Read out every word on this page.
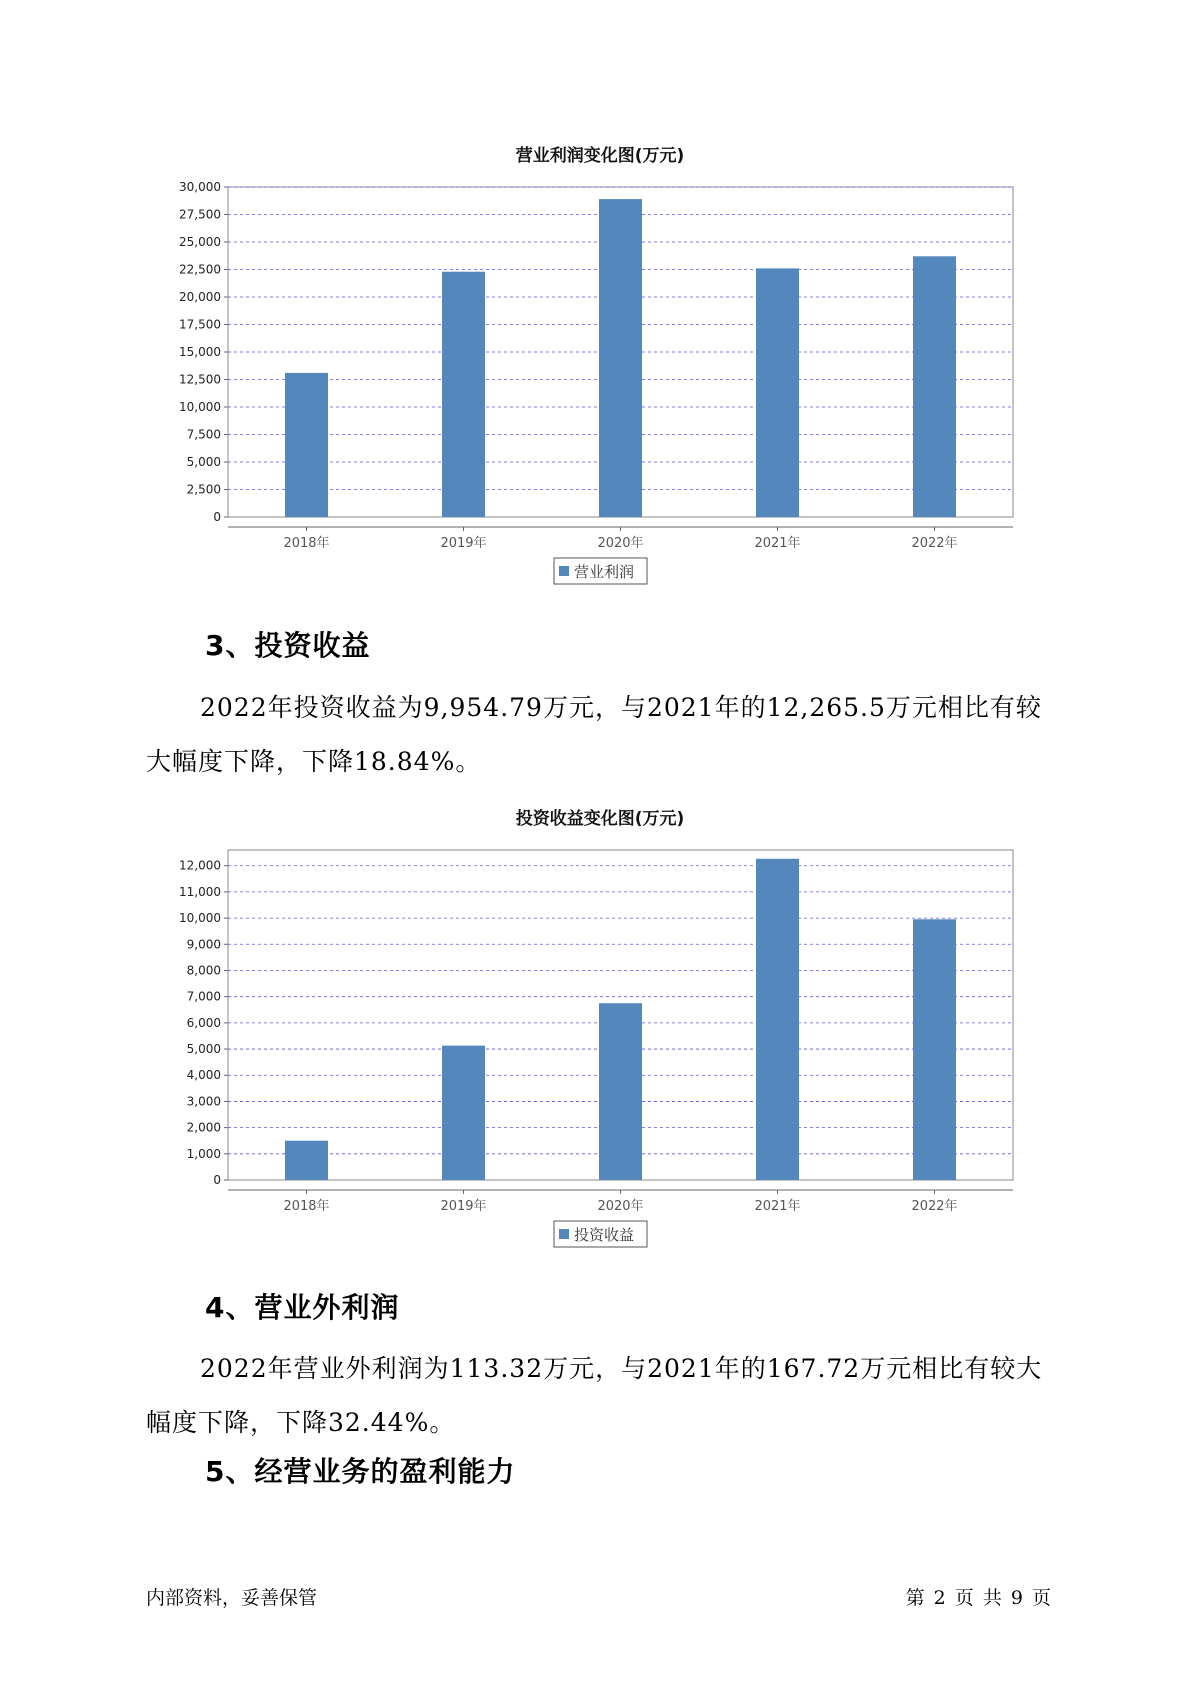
营业利润变化图(万元)
0
2,500
5,000
7,500
10,000
12,500
15,000
17,500
20,000
22,500
25,000
27,500
30,000
2018年	2019年	2020年	2021年	2022年
营业利润
3、投资收益

2022年投资收益为9,954.79万元，与2021年的12,265.5万元相比有较大幅度下降，下降18.84%。

投资收益变化图(万元)
0
1,000
2,000
3,000
4,000
5,000
6,000
7,000
8,000
9,000
10,000
11,000
12,000
2018年	2019年	2020年	2021年	2022年
投资收益
4、营业外利润

2022年营业外利润为113.32万元，与2021年的167.72万元相比有较大幅度下降，下降32.44%。

5、经营业务的盈利能力
内部资料，妥善保管	第 2 页 共 9 页
